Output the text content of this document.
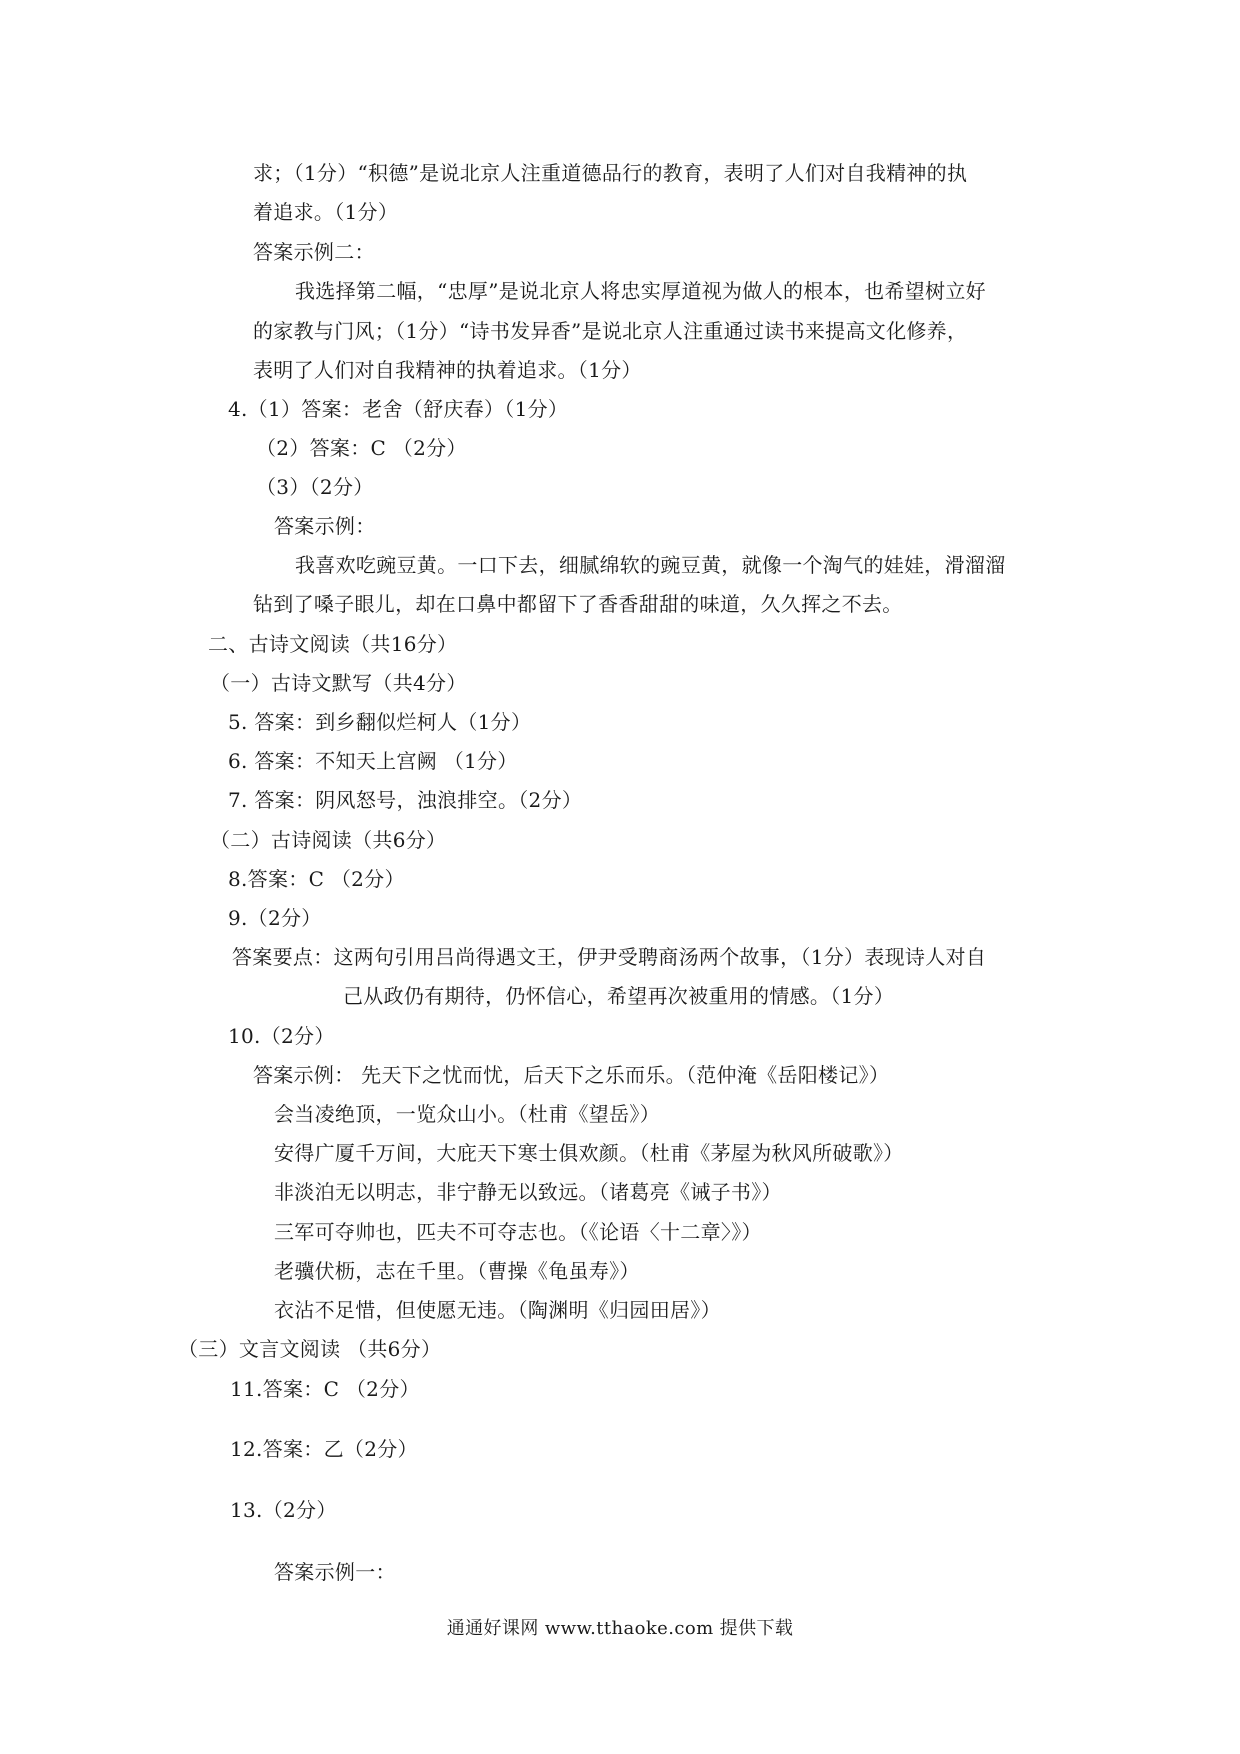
求；（1分）“积德”是说北京人注重道德品行的教育，表明了人们对自我精神的执
着追求。（1分）
答案示例二：
我选择第二幅，“忠厚”是说北京人将忠实厚道视为做人的根本，也希望树立好
的家教与门风；（1分）“诗书发异香”是说北京人注重通过读书来提高文化修养，
表明了人们对自我精神的执着追求。（1分）
4.（1）答案：老舍（舒庆春）（1分）
（2）答案：C （2分）
（3）（2分）
答案示例：
我喜欢吃豌豆黄。一口下去，细腻绵软的豌豆黄，就像一个淘气的娃娃，滑溜溜
钻到了嗓子眼儿，却在口鼻中都留下了香香甜甜的味道，久久挥之不去。
二、古诗文阅读（共16分）
（一）古诗文默写（共4分）
5. 答案：到乡翻似烂柯人（1分）
6. 答案：不知天上宫阙 （1分）
7. 答案：阴风怒号，浊浪排空。（2分）
（二）古诗阅读（共6分）
8.答案：C （2分）
9.（2分）
答案要点：这两句引用吕尚得遇文王，伊尹受聘商汤两个故事，（1分）表现诗人对自
己从政仍有期待，仍怀信心，希望再次被重用的情感。（1分）
10.（2分）
答案示例： 先天下之忧而忧，后天下之乐而乐。（范仲淹《岳阳楼记》）
会当凌绝顶，一览众山小。（杜甫《望岳》）
安得广厦千万间，大庇天下寒士俱欢颜。（杜甫《茅屋为秋风所破歌》）
非淡泊无以明志，非宁静无以致远。（诸葛亮《诫子书》）
三军可夺帅也，匹夫不可夺志也。（《论语〈十二章〉》）
老骥伏枥，志在千里。（曹操《龟虽寿》）
衣沾不足惜，但使愿无违。（陶渊明《归园田居》）
（三）文言文阅读 （共6分）
11.答案：C （2分）
12.答案：乙（2分）
13.（2分）
答案示例一：
通通好课网 www.tthaoke.com 提供下载
